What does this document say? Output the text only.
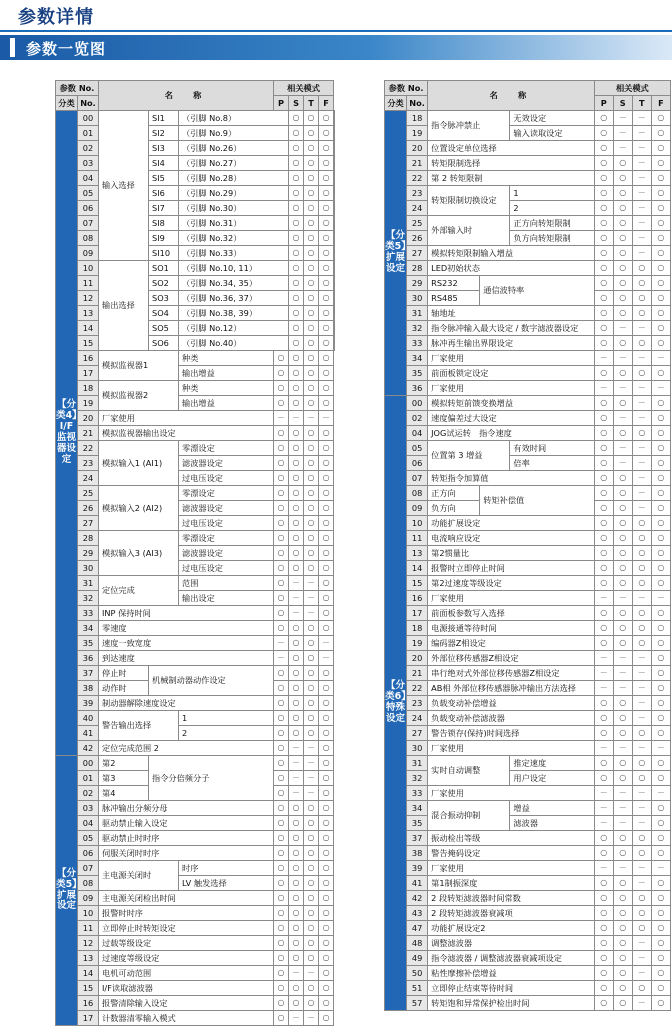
参数详情
参数一览图
参数 No.		名　称			相关模式				
分类	No.				P	S	T	F	
【分类4】I/F监视器设定	00	输入选择	SI1	（引脚 No.8）		○	○	○	
	01		SI2	（引脚 No.9）		○	○	○	
	02		SI3	（引脚 No.26）		○	○	○	
	03		SI4	（引脚 No.27）		○	○	○	
	04		SI5	（引脚 No.28）		○	○	○	
	05		SI6	（引脚 No.29）		○	○	○	
	06		SI7	（引脚 No.30）		○	○	○	
	07		SI8	（引脚 No.31）		○	○	○	
	08		SI9	（引脚 No.32）		○	○	○	
	09		SI10	（引脚 No.33）		○	○	○	
	10	输出选择	SO1	（引脚 No.10, 11）		○	○	○	
	11		SO2	（引脚 No.34, 35）		○	○	○	
	12		SO3	（引脚 No.36, 37）		○	○	○	
	13		SO4	（引脚 No.38, 39）		○	○	○	
	14		SO5	（引脚 No.12）		○	○	○	
	15		SO6	（引脚 No.40）		○	○	○	
	16	模拟监视器1		种类	○	○	○	○	
	17			输出增益	○	○	○	○	
	18	模拟监视器2		种类	○	○	○	○	
	19			输出增益	○	○	○	○	
	20	厂家使用			－	－	－	－	
	21	模拟监视器输出设定			○	○	○	○	
	22	模拟输入1 (AI1)		零漂设定	○	○	○	○	
	23			滤波器设定	○	○	○	○	
	24			过电压设定	○	○	○	○	
	25	模拟输入2 (AI2)		零漂设定	○	○	○	○	
	26			滤波器设定	○	○	○	○	
	27			过电压设定	○	○	○	○	
	28	模拟输入3 (AI3)		零漂设定	○	○	○	○	
	29			滤波器设定	○	○	○	○	
	30			过电压设定	○	○	○	○	
	31	定位完成		范围	○	－	－	○	
	32			输出设定	○	－	－	○	
	33	INP 保持时间			○	－	－	○	
	34	零速度			○	○	○	○	
	35	速度一致宽度			－	○	○	－	
	36	到达速度			－	○	○	－	
	37	停止时	机械制动器动作设定		○	○	○	○	
	38	动作时			○	○	○	○	
	39	制动器解除速度设定			○	○	○	○	
	40	警告输出选择		1	○	○	○	○	
	41			2	○	○	○	○	
	42	定位完成范围 2			○	－	－	○	
【分类5】扩展设定	00	第2	指令分倍频分子		○	－	－	○	
	01	第3			○	－	－	○	
	02	第4			○	－	－	○	
	03	脉冲输出分频分母			○	○	○	○	
	04	驱动禁止输入设定			○	○	○	○	
	05	驱动禁止时时序			○	○	○	○	
	06	伺服关闭时时序			○	○	○	○	
	07	主电源关闭时		时序	○	○	○	○	
	08			LV 触发选择	○	○	○	○	
	09	主电源关闭检出时间			○	○	○	○	
	10	报警时时序			○	○	○	○	
	11	立即停止时转矩设定			○	○	○	○	
	12	过载等级设定			○	○	○	○	
	13	过速度等级设定			○	○	○	○	
	14	电机可动范围			○	－	－	○	
	15	I/F读取滤波器			○	○	○	○	
	16	报警清除输入设定			○	○	○	○	
	17	计数器清零输入模式			○	－	－	○	
参数 No.		名　称			相关模式			
分类	No.				P	S	T	F
【分类5】扩展设定	18	指令脉冲禁止		无效设定	○	－	－	○
	19			输入读取设定	○	－	－	○
	20	位置设定单位选择			○	－	－	○
	21	转矩限制选择			○	○	－	○
	22	第 2 转矩限制			○	○	－	○
	23	转矩限制切换设定		1	○	○	－	○
	24			2	○	○	－	○
	25	外部输入时		正方向转矩限制	○	○	－	○
	26			负方向转矩限制	○	○	－	○
	27	模拟转矩限制输入增益			○	○	－	○
	28	LED初始状态			○	○	○	○
	29	RS232	通信波特率		○	○	○	○
	30	RS485			○	○	○	○
	31	轴地址			○	○	○	○
	32	指令脉冲输入最大设定 / 数字滤波器设定			○	－	－	○
	33	脉冲再生输出界限设定			○	○	○	○
	34	厂家使用			－	－	－	－
	35	前面板锁定设定			○	○	○	○
	36	厂家使用			－	－	－	－
【分类6】特殊设定	00	模拟转矩前馈变换增益			○	○	－	○
	02	速度偏差过大设定			○	－	－	○
	04	JOG试运转　指令速度			○	○	○	○
	05	位置第 3 增益		有效时间	○	－	－	○
	06			倍率	○	－	－	○
	07	转矩指令加算值			○	○	－	○
	08	正方向	转矩补偿值		○	○	－	○
	09	负方向			○	○	－	○
	10	功能扩展设定			○	○	○	○
	11	电流响应设定			○	○	○	○
	13	第2惯量比			○	○	○	○
	14	报警时立即停止时间			○	○	○	○
	15	第2过速度等级设定			○	○	○	○
	16	厂家使用			－	－	－	－
	17	前面板参数写入选择			○	○	○	○
	18	电源接通等待时间			○	○	○	○
	19	编码器Z相设定			○	○	○	○
	20	外部位移传感器Z相设定			－	－	－	○
	21	串行绝对式外部位移传感器Z相设定			－	－	－	○
	22	AB相 外部位移传感器脉冲输出方法选择			－	－	－	○
	23	负载变动补偿增益			○	○	－	○
	24	负载变动补偿滤波器			○	○	－	○
	27	警告锁存(保持)时间选择			○	○	○	○
	30	厂家使用			－	－	－	－
	31	实时自动调整		推定速度	○	○	○	○
	32			用户设定	○	○	○	○
	33	厂家使用			－	－	－	－
	34	混合振动抑制		增益	－	－	－	○
	35			滤波器	－	－	－	○
	37	振动检出等级			○	○	○	○
	38	警告掩码设定			○	○	○	○
	39	厂家使用			－	－	－	－
	41	第1制振深度			○	○	－	○
	42	2 段转矩滤波器时间常数			○	○	○	○
	43	2 段转矩滤波器衰减项			○	○	○	○
	47	功能扩展设定2			○	○	○	○
	48	调整滤波器			○	○	－	○
	49	指令滤波器 / 调整滤波器衰减项设定			○	○	－	○
	50	粘性摩擦补偿增益			○	○	－	○
	51	立即停止结束等待时间			○	○	○	○
	57	转矩饱和异常保护检出时间			○	○	－	○
